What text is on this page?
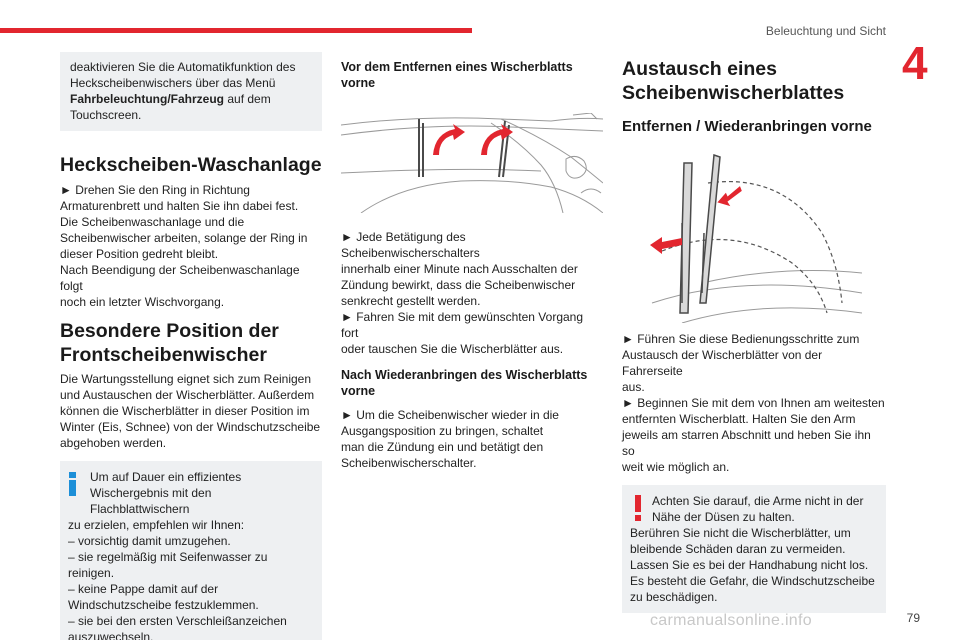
Beleuchtung und Sicht
4
deaktivieren Sie die Automatikfunktion des
Heckscheibenwischers über das Menü
Fahrbeleuchtung/Fahrzeug auf dem
Touchscreen.
Heckscheiben-Waschanlage

► Drehen Sie den Ring in Richtung

Armaturenbrett und halten Sie ihn dabei fest.

Die Scheibenwaschanlage und die

Scheibenwischer arbeiten, solange der Ring in

dieser Position gedreht bleibt.

Nach Beendigung der Scheibenwaschanlage folgt

noch ein letzter Wischvorgang.

Besondere Position der
Frontscheibenwischer

Die Wartungsstellung eignet sich zum Reinigen

und Austauschen der Wischerblätter. Außerdem

können die Wischerblätter in dieser Position im

Winter (Eis, Schnee) von der Windschutzscheibe

abgehoben werden.

Um auf Dauer ein effizientes
Wischergebnis mit den Flachblattwischern
zu erzielen, empfehlen wir Ihnen:
– vorsichtig damit umzugehen.
– sie regelmäßig mit Seifenwasser zu reinigen.
– keine Pappe damit auf der
Windschutzscheibe festzuklemmen.
– sie bei den ersten Verschleißanzeichen
auszuwechseln.
Vor dem Entfernen eines Wischerblatts
vorne

► Jede Betätigung des Scheibenwischerschalters

innerhalb einer Minute nach Ausschalten der

Zündung bewirkt, dass die Scheibenwischer

senkrecht gestellt werden.

► Fahren Sie mit dem gewünschten Vorgang fort

oder tauschen Sie die Wischerblätter aus.

Nach Wiederanbringen des Wischerblatts
vorne

► Um die Scheibenwischer wieder in die

Ausgangsposition zu bringen, schaltet

man die Zündung ein und betätigt den

Scheibenwischerschalter.

Austausch eines
Scheibenwischerblattes
Entfernen / Wiederanbringen vorne

► Führen Sie diese Bedienungsschritte zum

Austausch der Wischerblätter von der Fahrerseite

aus.

► Beginnen Sie mit dem von Ihnen am weitesten

entfernten Wischerblatt. Halten Sie den Arm

jeweils am starren Abschnitt und heben Sie ihn so

weit wie möglich an.

Achten Sie darauf, die Arme nicht in der
Nähe der Düsen zu halten.
Berühren Sie nicht die Wischerblätter, um
bleibende Schäden daran zu vermeiden.
Lassen Sie es bei der Handhabung nicht los.
Es besteht die Gefahr, die Windschutzscheibe
zu beschädigen.
carmanualsonline.info	79
